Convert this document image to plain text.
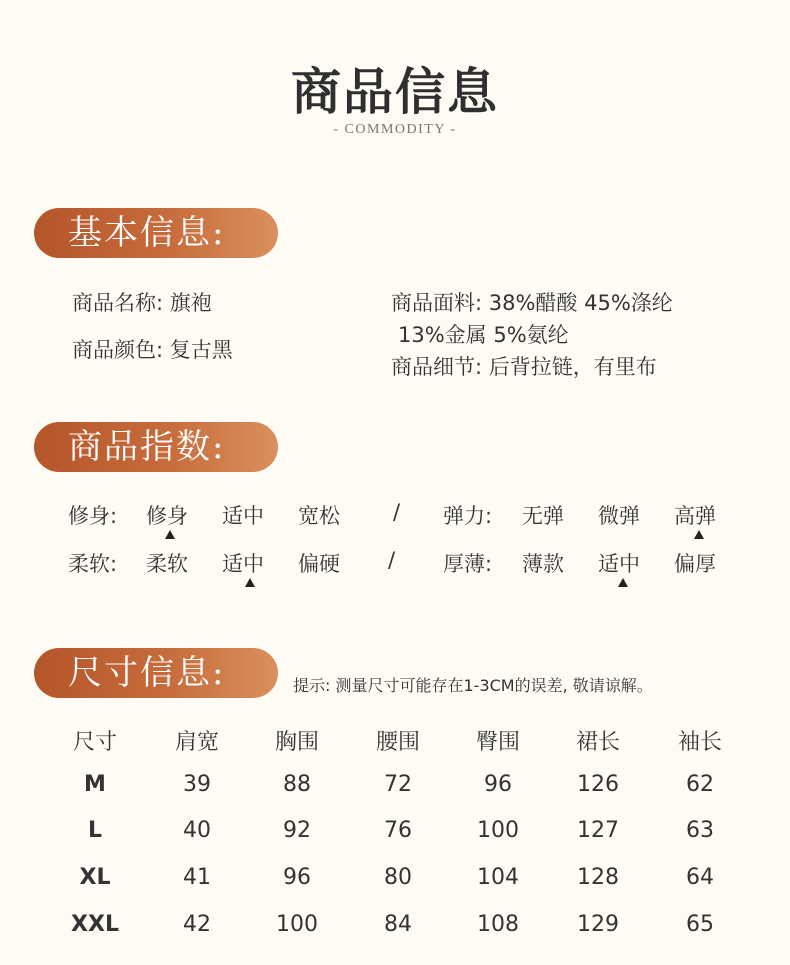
商品信息
- COMMODITY -
基本信息:
商品名称: 旗袍
商品颜色: 复古黑
商品面料: 38%醋酸 45%涤纶
13%金属 5%氨纶
商品细节: 后背拉链，有里布
商品指数:
修身: 修身 适中 宽松	/ 弹力: 无弹 微弹 高弹
柔软: 柔软 适中 偏硬 / 厚薄: 薄款 适中 偏厚
尺寸信息:	提示: 测量尺寸可能存在1-3CM的误差, 敬请谅解。
尺寸	肩宽	胸围	腰围	臀围	裙长	袖长
M	39	88	72	96	126	62
L	40	92	76	100	127	63
XL	41	96	80	104	128	64
XXL	42	100	84	108	129	65
